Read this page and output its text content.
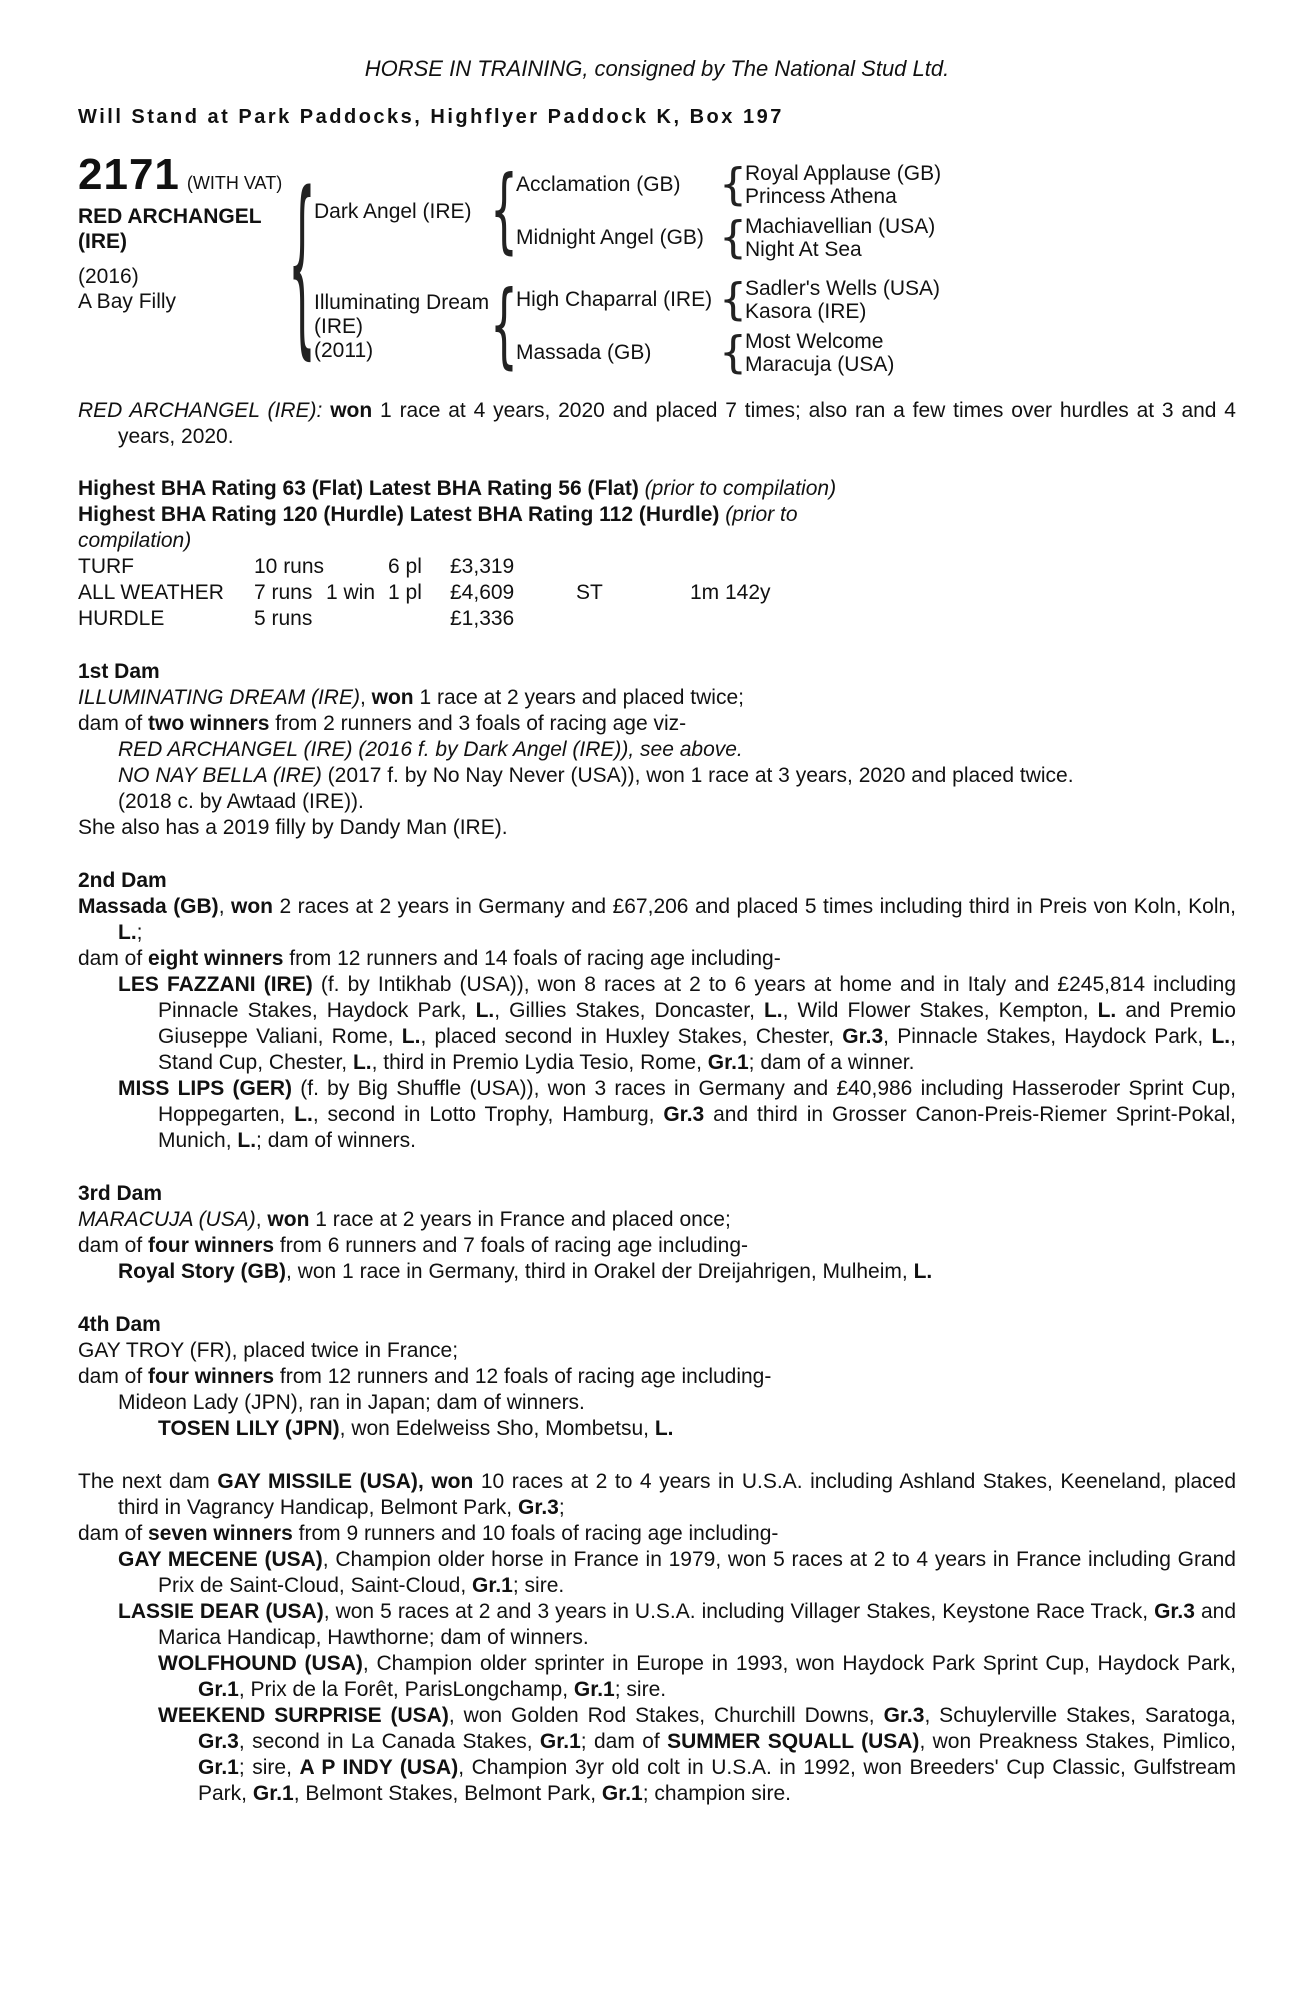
HORSE IN TRAINING, consigned by The National Stud Ltd.
Will Stand at Park Paddocks, Highflyer Paddock K, Box 197
2171 (WITH VAT)
RED ARCHANGEL
(IRE)
(2016)
A Bay Filly	{
Dark Angel (IRE) {
Acclamation (GB) {
Royal Applause (GB)
Princess Athena
Midnight Angel (GB) {
Machiavellian (USA)
Night At Sea
Illuminating Dream (IRE)
(2011)	{
High Chaparral (IRE) {
Sadler's Wells (USA)
Kasora (IRE)
Massada (GB)	{
Most Welcome
Maracuja (USA)

RED ARCHANGEL (IRE): won 1 race at 4 years, 2020 and placed 7 times; also ran a few times over hurdles at 3 and 4 years, 2020.

Highest BHA Rating 63 (Flat) Latest BHA Rating 56 (Flat) (prior to compilation)

Highest BHA Rating 120 (Hurdle) Latest BHA Rating 112 (Hurdle) (prior to
compilation)

TURF	10 runs	6 pl	£3,319
ALL WEATHER	7 runs 1 win 1 pl	£4,609	ST	1m 142y
HURDLE	5 runs	£1,336
1st Dam

ILLUMINATING DREAM (IRE), won 1 race at 2 years and placed twice;

dam of two winners from 2 runners and 3 foals of racing age viz-

RED ARCHANGEL (IRE) (2016 f. by Dark Angel (IRE)), see above.

NO NAY BELLA (IRE) (2017 f. by No Nay Never (USA)), won 1 race at 3 years, 2020 and placed twice.

(2018 c. by Awtaad (IRE)).

She also has a 2019 filly by Dandy Man (IRE).

2nd Dam

Massada (GB), won 2 races at 2 years in Germany and £67,206 and placed 5 times including third in Preis von Koln, Koln, L.;

dam of eight winners from 12 runners and 14 foals of racing age including-

LES FAZZANI (IRE) (f. by Intikhab (USA)), won 8 races at 2 to 6 years at home and in Italy and £245,814 including Pinnacle Stakes, Haydock Park, L., Gillies Stakes, Doncaster, L., Wild Flower Stakes, Kempton, L. and Premio Giuseppe Valiani, Rome, L., placed second in Huxley Stakes, Chester, Gr.3, Pinnacle Stakes, Haydock Park, L., Stand Cup, Chester, L., third in Premio Lydia Tesio, Rome, Gr.1; dam of a winner.

MISS LIPS (GER) (f. by Big Shuffle (USA)), won 3 races in Germany and £40,986 including Hasseroder Sprint Cup, Hoppegarten, L., second in Lotto Trophy, Hamburg, Gr.3 and third in Grosser Canon-Preis-Riemer Sprint-Pokal, Munich, L.; dam of winners.

3rd Dam

MARACUJA (USA), won 1 race at 2 years in France and placed once;

dam of four winners from 6 runners and 7 foals of racing age including-

Royal Story (GB), won 1 race in Germany, third in Orakel der Dreijahrigen, Mulheim, L.

4th Dam

GAY TROY (FR), placed twice in France;

dam of four winners from 12 runners and 12 foals of racing age including-

Mideon Lady (JPN), ran in Japan; dam of winners.

TOSEN LILY (JPN), won Edelweiss Sho, Mombetsu, L.

The next dam GAY MISSILE (USA), won 10 races at 2 to 4 years in U.S.A. including Ashland Stakes, Keeneland, placed third in Vagrancy Handicap, Belmont Park, Gr.3;

dam of seven winners from 9 runners and 10 foals of racing age including-

GAY MECENE (USA), Champion older horse in France in 1979, won 5 races at 2 to 4 years in France including Grand Prix de Saint-Cloud, Saint-Cloud, Gr.1; sire.

LASSIE DEAR (USA), won 5 races at 2 and 3 years in U.S.A. including Villager Stakes, Keystone Race Track, Gr.3 and Marica Handicap, Hawthorne; dam of winners.

WOLFHOUND (USA), Champion older sprinter in Europe in 1993, won Haydock Park Sprint Cup, Haydock Park, Gr.1, Prix de la Forêt, ParisLongchamp, Gr.1; sire.

WEEKEND SURPRISE (USA), won Golden Rod Stakes, Churchill Downs, Gr.3, Schuylerville Stakes, Saratoga, Gr.3, second in La Canada Stakes, Gr.1; dam of SUMMER SQUALL (USA), won Preakness Stakes, Pimlico, Gr.1; sire, A P INDY (USA), Champion 3yr old colt in U.S.A. in 1992, won Breeders' Cup Classic, Gulfstream Park, Gr.1, Belmont Stakes, Belmont Park, Gr.1; champion sire.
